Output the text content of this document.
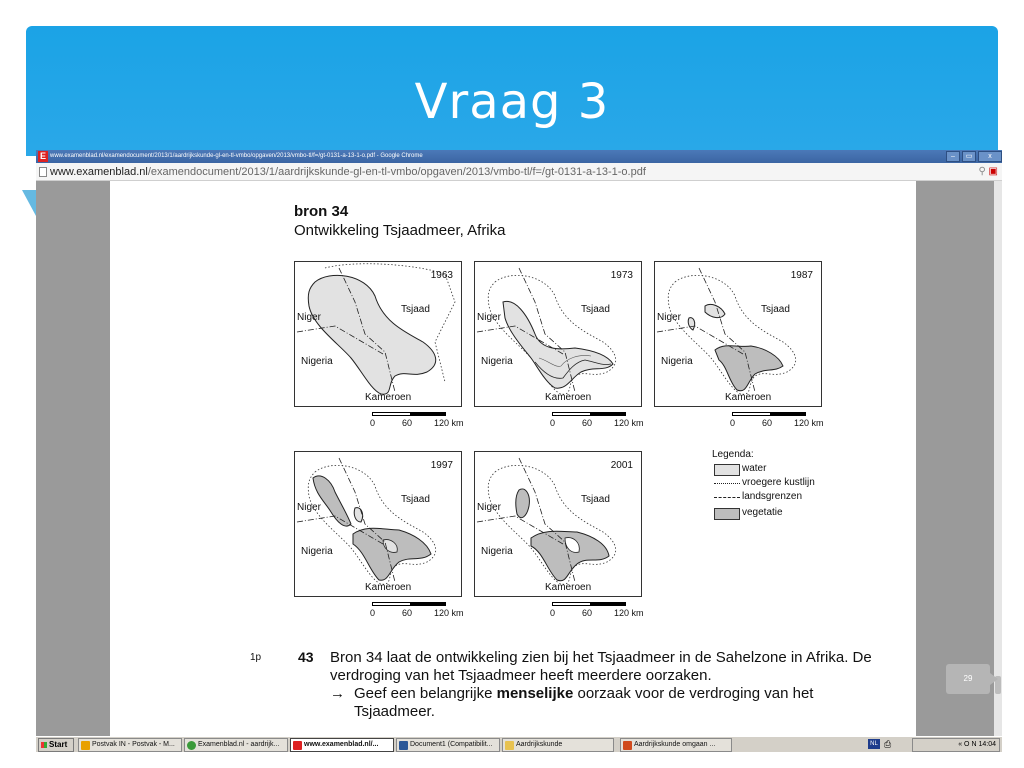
Vraag 3
E www.examenblad.nl/examendocument/2013/1/aardrijkskunde-gl-en-tl-vmbo/opgaven/2013/vmbo-tl/f=/gt-0131-a-13-1-o.pdf - Google Chrome	–	▭	x
www.examenblad.nl/examendocument/2013/1/aardrijkskunde-gl-en-tl-vmbo/opgaven/2013/vmbo-tl/f=/gt-0131-a-13-1-o.pdf	⚲ ▣
bron 34
Ontwikkeling Tsjaadmeer, Afrika
1963
Niger
Tsjaad
Nigeria
Kameroen
1973
Niger
Tsjaad
Nigeria
Kameroen
1987
Niger
Tsjaad
Nigeria
Kameroen
1997
Niger
Tsjaad
Nigeria
Kameroen
2001
Niger
Tsjaad
Nigeria
Kameroen
0	60 120 km	0	60 120 km	0	60 120 km
0	60 120 km	0	60 120 km
Legenda:
water
vroegere kustlijn
landsgrenzen
vegetatie
1p	43 Bron 34 laat de ontwikkeling zien bij het Tsjaadmeer in de Sahelzone in Afrika. De verdroging van het Tsjaadmeer heeft meerdere oorzaken.
→ Geef een belangrijke menselijke oorzaak voor de verdroging van het Tsjaadmeer.
29
Start	Postvak IN - Postvak - M...	Examenblad.nl - aardrijk...	www.examenblad.nl/...	Document1 (Compatibilit...	Aardrijkskunde	Aardrijkskunde omgaan ...	« O N 14:04
NL ⎙
